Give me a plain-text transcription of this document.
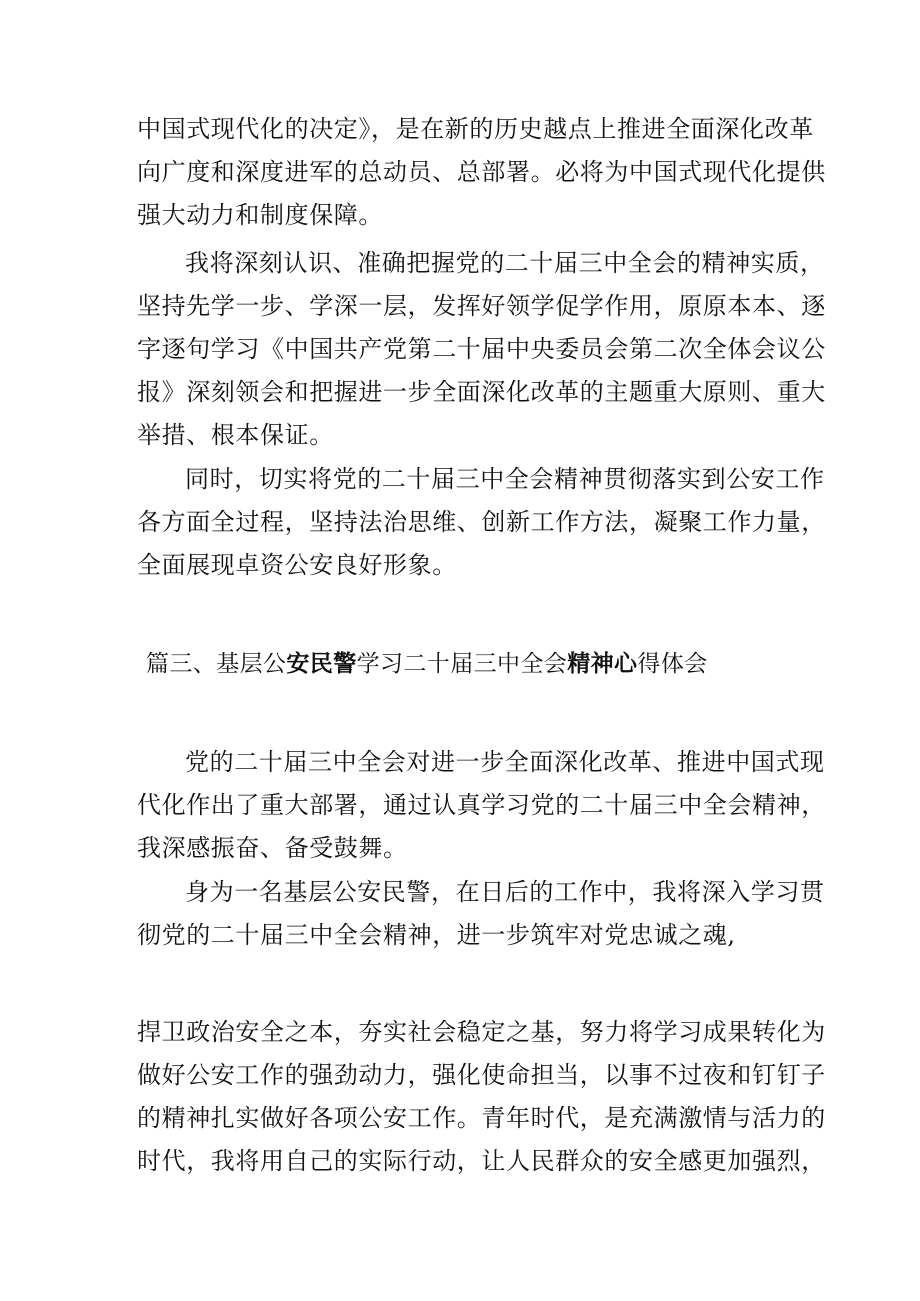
中国式现代化的决定》，是在新的历史越点上推进全面深化改革
向广度和深度进军的总动员、总部署。必将为中国式现代化提供
强大动力和制度保障。
我将深刻认识、准确把握党的二十届三中全会的精神实质，
坚持先学一步、学深一层，发挥好领学促学作用，原原本本、逐
字逐句学习《中国共产党第二十届中央委员会第二次全体会议公
报》深刻领会和把握进一步全面深化改革的主题重大原则、重大
举措、根本保证。
同时，切实将党的二十届三中全会精神贯彻落实到公安工作
各方面全过程，坚持法治思维、创新工作方法，凝聚工作力量，
全面展现卓资公安良好形象。
篇三、基层公安民警学习二十届三中全会精神心得体会
党的二十届三中全会对进一步全面深化改革、推进中国式现
代化作出了重大部署，通过认真学习党的二十届三中全会精神，
我深感振奋、备受鼓舞。
身为一名基层公安民警，在日后的工作中，我将深入学习贯
彻党的二十届三中全会精神，进一步筑牢对党忠诚之魂,
捍卫政治安全之本，夯实社会稳定之基，努力将学习成果转化为
做好公安工作的强劲动力，强化使命担当，以事不过夜和钉钉子
的精神扎实做好各项公安工作。青年时代，是充满激情与活力的
时代，我将用自己的实际行动，让人民群众的安全感更加强烈，
